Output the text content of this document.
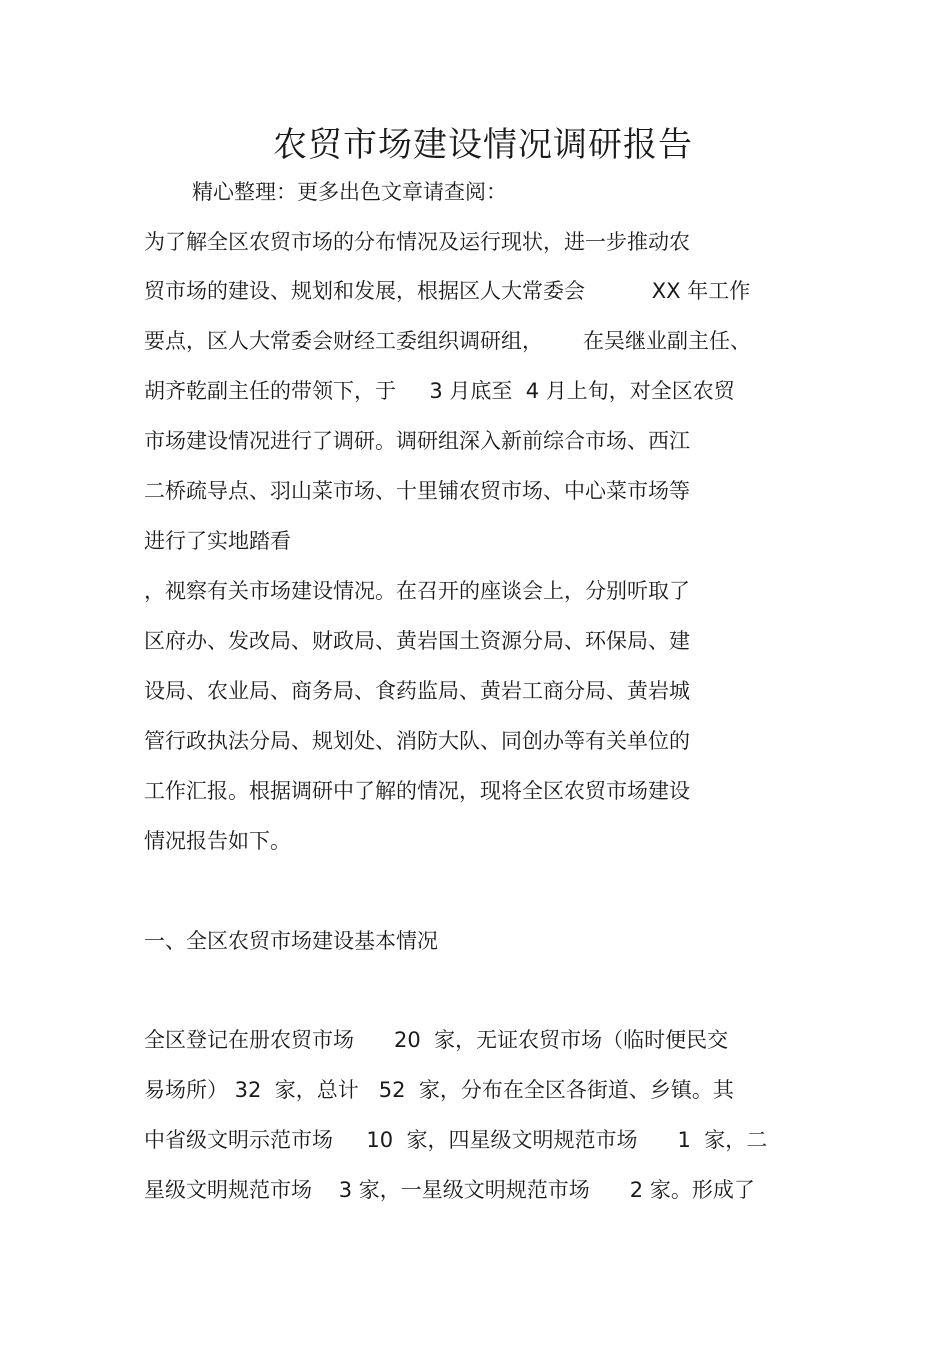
农贸市场建设情况调研报告
精心整理：更多出色文章请查阅：
为了解全区农贸市场的分布情况及运行现状，进一步推动农
贸市场的建设、规划和发展，根据区人大常委会          XX 年工作
要点，区人大常委会财经工委组织调研组，      在吴继业副主任、
胡齐乾副主任的带领下，于     3 月底至  4 月上旬，对全区农贸
市场建设情况进行了调研。调研组深入新前综合市场、西江
二桥疏导点、羽山菜市场、十里铺农贸市场、中心菜市场等
进行了实地踏看
，视察有关市场建设情况。在召开的座谈会上，分别听取了
区府办、发改局、财政局、黄岩国土资源分局、环保局、建
设局、农业局、商务局、食药监局、黄岩工商分局、黄岩城
管行政执法分局、规划处、消防大队、同创办等有关单位的
工作汇报。根据调研中了解的情况，现将全区农贸市场建设
情况报告如下。
一、全区农贸市场建设基本情况
全区登记在册农贸市场      20  家，无证农贸市场（临时便民交
易场所） 32  家，总计   52  家，分布在全区各街道、乡镇。其
中省级文明示范市场     10  家，四星级文明规范市场      1  家，二
星级文明规范市场    3 家，一星级文明规范市场      2 家。形成了
